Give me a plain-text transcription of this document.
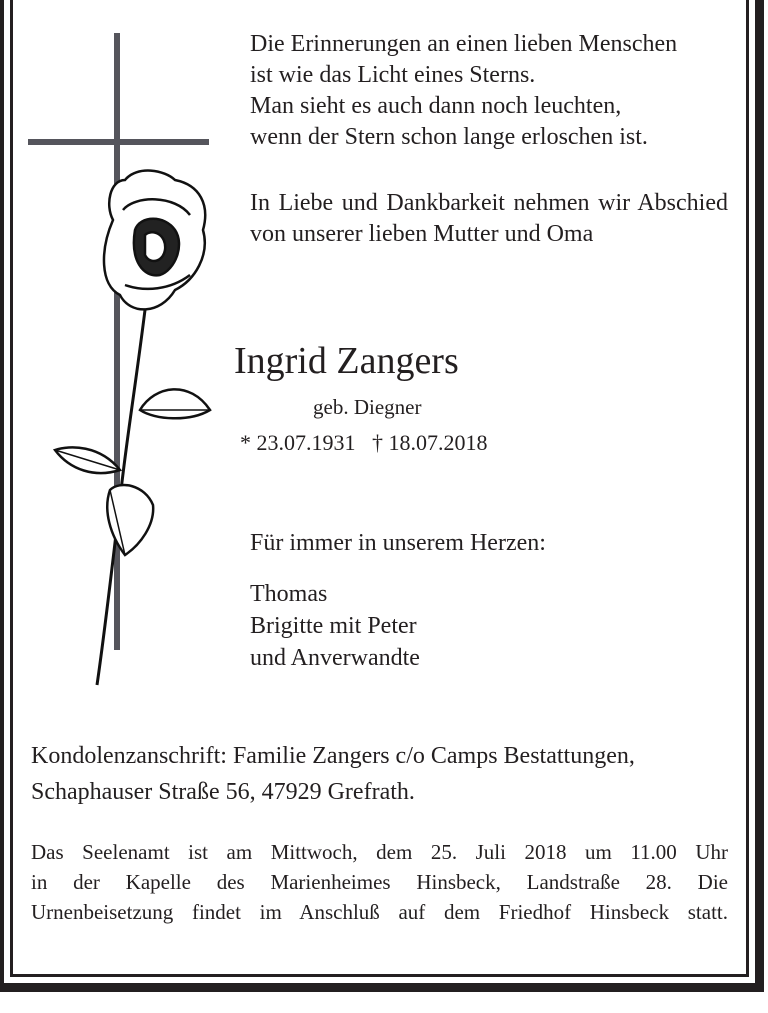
Die Erinnerungen an einen lieben Menschen
ist wie das Licht eines Sterns.
Man sieht es auch dann noch leuchten,
wenn der Stern schon lange erloschen ist.
In Liebe und Dankbarkeit nehmen wir Abschied von unserer lieben Mutter und Oma
Ingrid Zangers
geb. Diegner
* 23.07.1931 † 18.07.2018
Für immer in unserem Herzen:
Thomas
Brigitte mit Peter
und Anverwandte
Kondolenzanschrift: Familie Zangers c/o Camps Bestattungen,
Schaphauser Straße 56, 47929 Grefrath.
Das Seelenamt ist am Mittwoch, dem 25. Juli 2018 um 11.00 Uhr
in der Kapelle des Marienheimes Hinsbeck, Landstraße 28. Die
Urnenbeisetzung findet im Anschluß auf dem Friedhof Hinsbeck statt.
